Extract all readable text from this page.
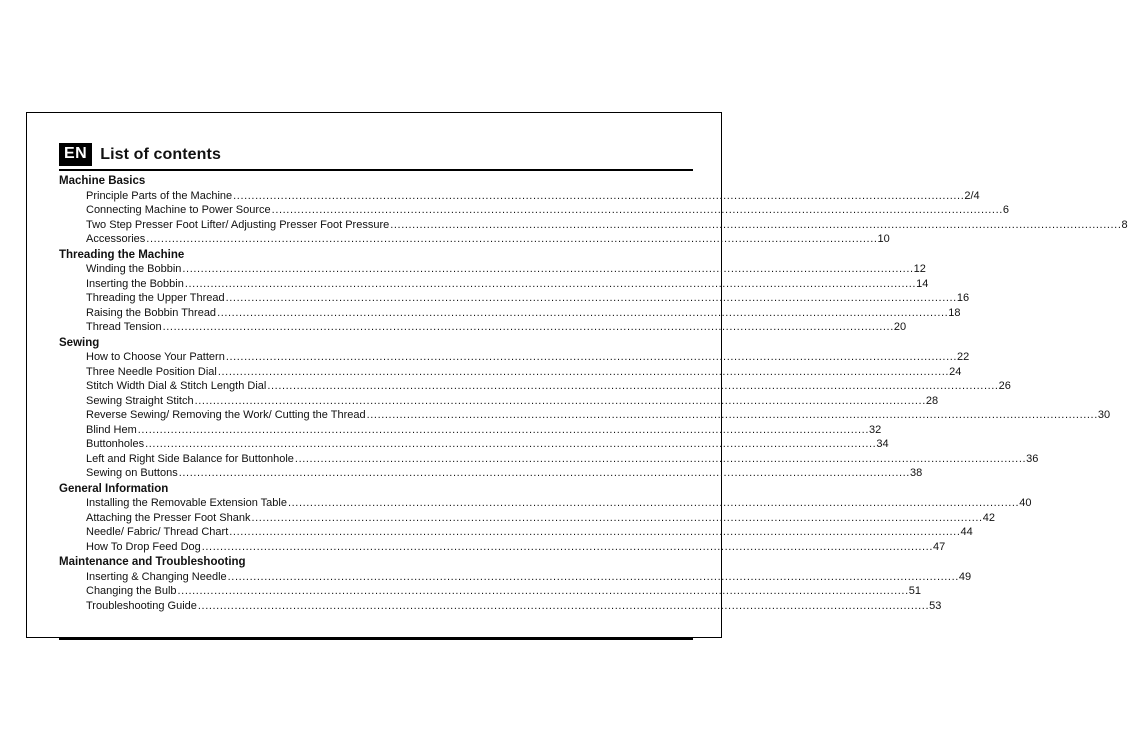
EN List of contents
Machine Basics
Principle Parts of the Machine ........................................................................................................................................................................................................ 2/4
Connecting Machine to Power Source ........................................................................................................................................................................................................ 6
Two Step Presser Foot Lifter/ Adjusting Presser Foot Pressure ........................................................................................................................................................................................................ 8
Accessories ........................................................................................................................................................................................................ 10
Threading the Machine
Winding the Bobbin ........................................................................................................................................................................................................ 12
Inserting the Bobbin ........................................................................................................................................................................................................ 14
Threading the Upper Thread ........................................................................................................................................................................................................ 16
Raising the Bobbin Thread ........................................................................................................................................................................................................ 18
Thread Tension ........................................................................................................................................................................................................ 20
Sewing
How to Choose Your Pattern ........................................................................................................................................................................................................ 22
Three Needle Position Dial ........................................................................................................................................................................................................ 24
Stitch Width Dial & Stitch Length Dial ........................................................................................................................................................................................................ 26
Sewing Straight Stitch ........................................................................................................................................................................................................ 28
Reverse Sewing/ Removing the Work/ Cutting the Thread ........................................................................................................................................................................................................ 30
Blind Hem ........................................................................................................................................................................................................ 32
Buttonholes ........................................................................................................................................................................................................ 34
Left and Right Side Balance for Buttonhole ........................................................................................................................................................................................................ 36
Sewing on Buttons ........................................................................................................................................................................................................ 38
General Information
Installing the Removable Extension Table ........................................................................................................................................................................................................ 40
Attaching the Presser Foot Shank ........................................................................................................................................................................................................ 42
Needle/ Fabric/ Thread Chart ........................................................................................................................................................................................................ 44
How To Drop Feed Dog ........................................................................................................................................................................................................ 47
Maintenance and Troubleshooting
Inserting & Changing Needle ........................................................................................................................................................................................................ 49
Changing the Bulb ........................................................................................................................................................................................................ 51
Troubleshooting Guide ........................................................................................................................................................................................................ 53
